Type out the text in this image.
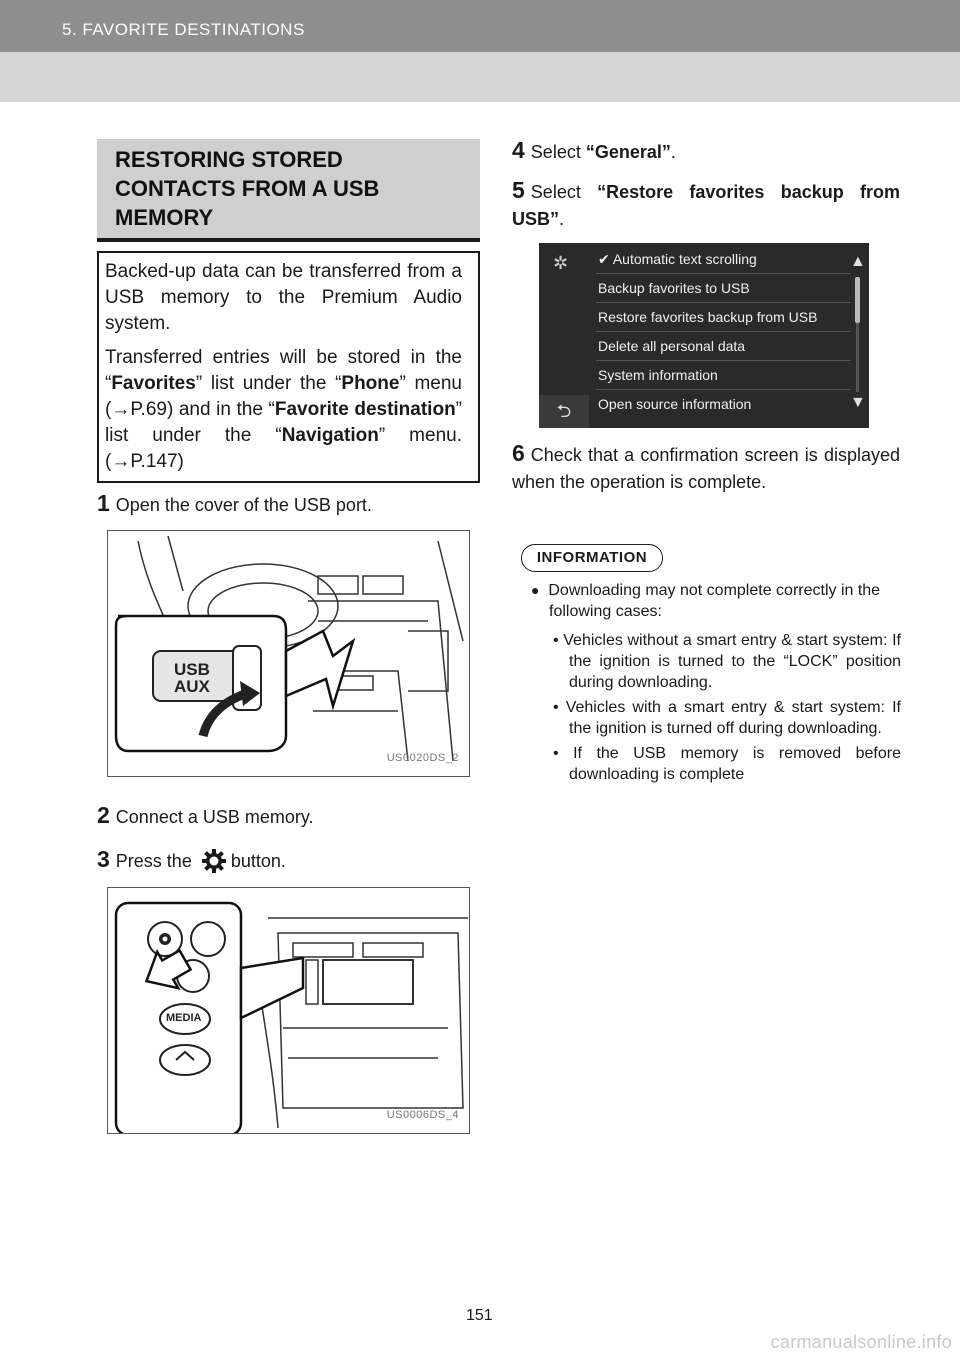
5. FAVORITE DESTINATIONS
RESTORING STORED
CONTACTS FROM A USB
MEMORY

Backed-up data can be transferred from a USB memory to the Premium Audio system.

Transferred entries will be stored in the “Favorites” list under the “Phone” menu (→P.69) and in the “Favorite destination” list under the “Navigation” menu. (→P.147)

1 Open the cover of the USB port.
USB
AUX
US0020DS_2
2 Connect a USB memory.
3 Press the button.
MEDIA
US0006DS_4
4 Select “General”.
5 Select “Restore favorites backup from USB”.
✲ ✔ Automatic text scrolling
Backup favorites to USB
Restore favorites backup from USB
Delete all personal data
System information
Open source information
▲
▼
⮌
6 Check that a confirmation screen is displayed when the operation is complete.
INFORMATION
● Downloading may not complete correctly in the following cases:
• Vehicles without a smart entry & start system: If the ignition is turned to the “LOCK” position during downloading.
• Vehicles with a smart entry & start system: If the ignition is turned off during downloading.
• If the USB memory is removed before downloading is complete
151
carmanualsonline.info
